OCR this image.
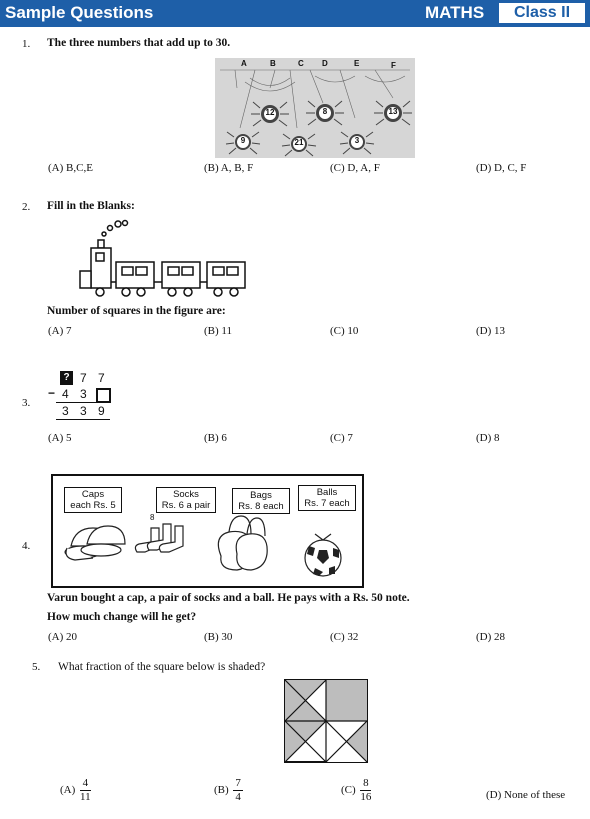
Sample Questions	MATHS	Class II
1. The three numbers that add up to 30.
A	B	C D	E	F
12	8	13
9	21	3
(A) B,C,E	(B) A, B, F	(C) D, A, F	(D) D, C, F
2. Fill in the Blanks:
Number of squares in the figure are:
(A) 7	(B) 11	(C) 10	(D) 13
3.
? 7 7
− 4 3
3 3 9
(A) 5	(B) 6	(C) 7	(D) 8
4.
Caps
each Rs. 5
Socks
Rs. 6 a pair
Bags
Rs. 8 each
Balls
Rs. 7 each
8
Varun bought a cap, a pair of socks and a ball. He pays with a Rs. 50 note.
How much change will he get?
(A) 20	(B) 30	(C) 32	(D) 28
5. What fraction of the square below is shaded?
$(A) \frac{4}{11}$	$(B) \frac{7}{4}$	$(C) \frac{8}{16}$	(D) None of these
